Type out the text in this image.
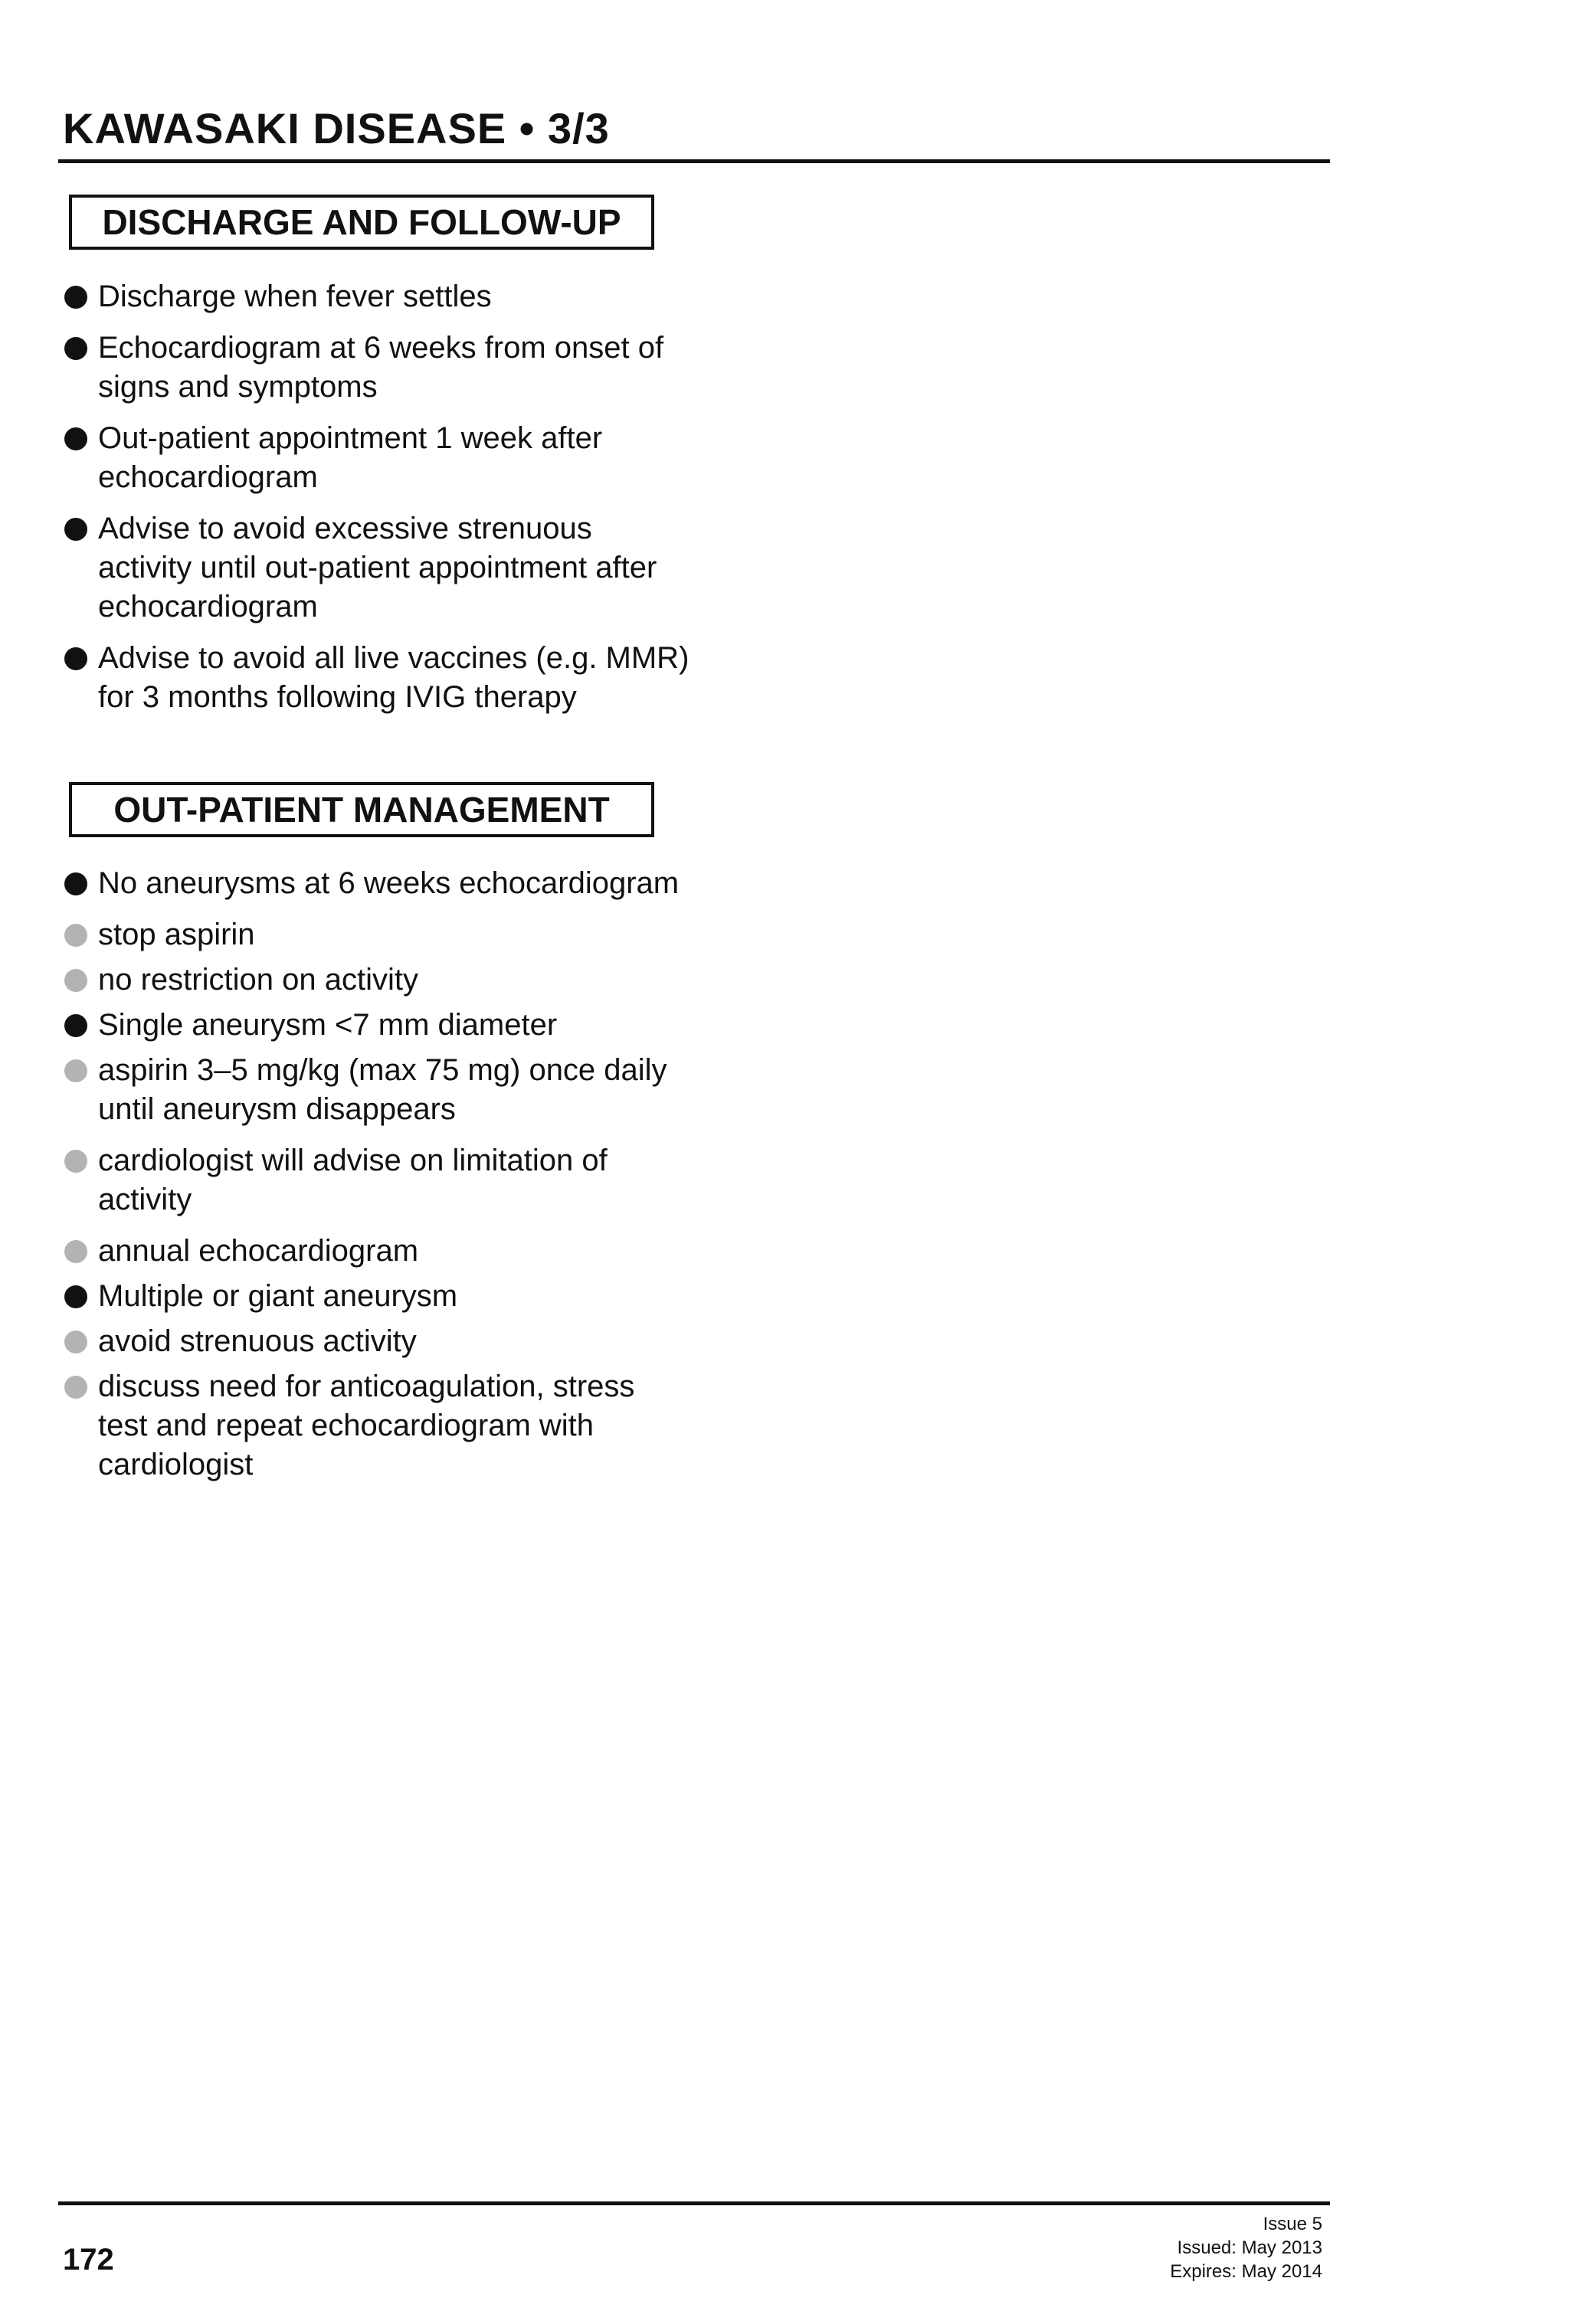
KAWASAKI DISEASE • 3/3
DISCHARGE AND FOLLOW-UP
Discharge when fever settles
Echocardiogram at 6 weeks from onset of signs and symptoms
Out-patient appointment 1 week after echocardiogram
Advise to avoid excessive strenuous activity until out-patient appointment after echocardiogram
Advise to avoid all live vaccines (e.g. MMR) for 3 months following IVIG therapy
OUT-PATIENT MANAGEMENT
No aneurysms at 6 weeks echocardiogram
stop aspirin
no restriction on activity
Single aneurysm <7 mm diameter
aspirin 3–5 mg/kg (max 75 mg) once daily until aneurysm disappears
cardiologist will advise on limitation of activity
annual echocardiogram
Multiple or giant aneurysm
avoid strenuous activity
discuss need for anticoagulation, stress test and repeat echocardiogram with cardiologist
172
Issue 5
Issued: May 2013
Expires: May 2014
